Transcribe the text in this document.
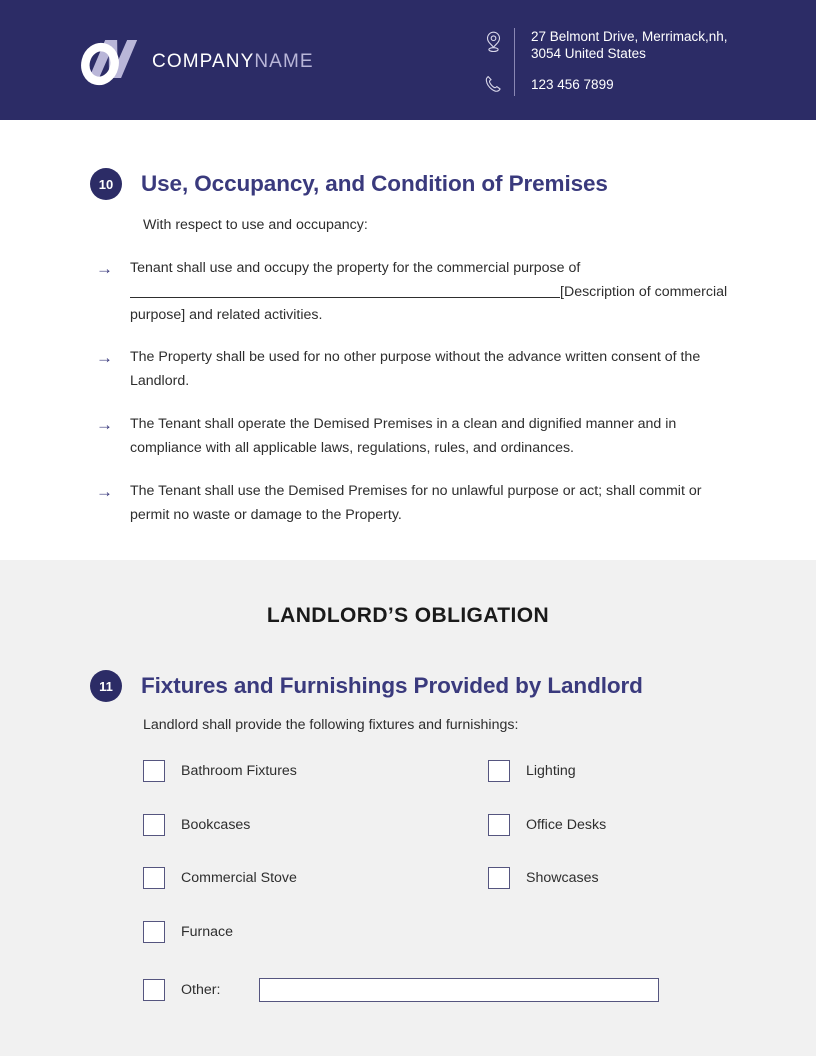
COMPANYNAME
27 Belmont Drive, Merrimack,nh,
3054 United States
123 456 7899
10	Use, Occupancy, and Condition of Premises
With respect to use and occupancy:
→	Tenant shall use and occupy the property for the commercial purpose of [Description of commercial purpose] and related activities.
→	The Property shall be used for no other purpose without the advance written consent of the Landlord.
→	The Tenant shall operate the Demised Premises in a clean and dignified manner and in compliance with all applicable laws, regulations, rules, and ordinances.
→	The Tenant shall use the Demised Premises for no unlawful purpose or act; shall commit or permit no waste or damage to the Property.
LANDLORD’S OBLIGATION
11	Fixtures and Furnishings Provided by Landlord
Landlord shall provide the following fixtures and furnishings:
Bathroom Fixtures	Lighting
Bookcases	Office Desks
Commercial Stove	Showcases
Furnace
Other:
